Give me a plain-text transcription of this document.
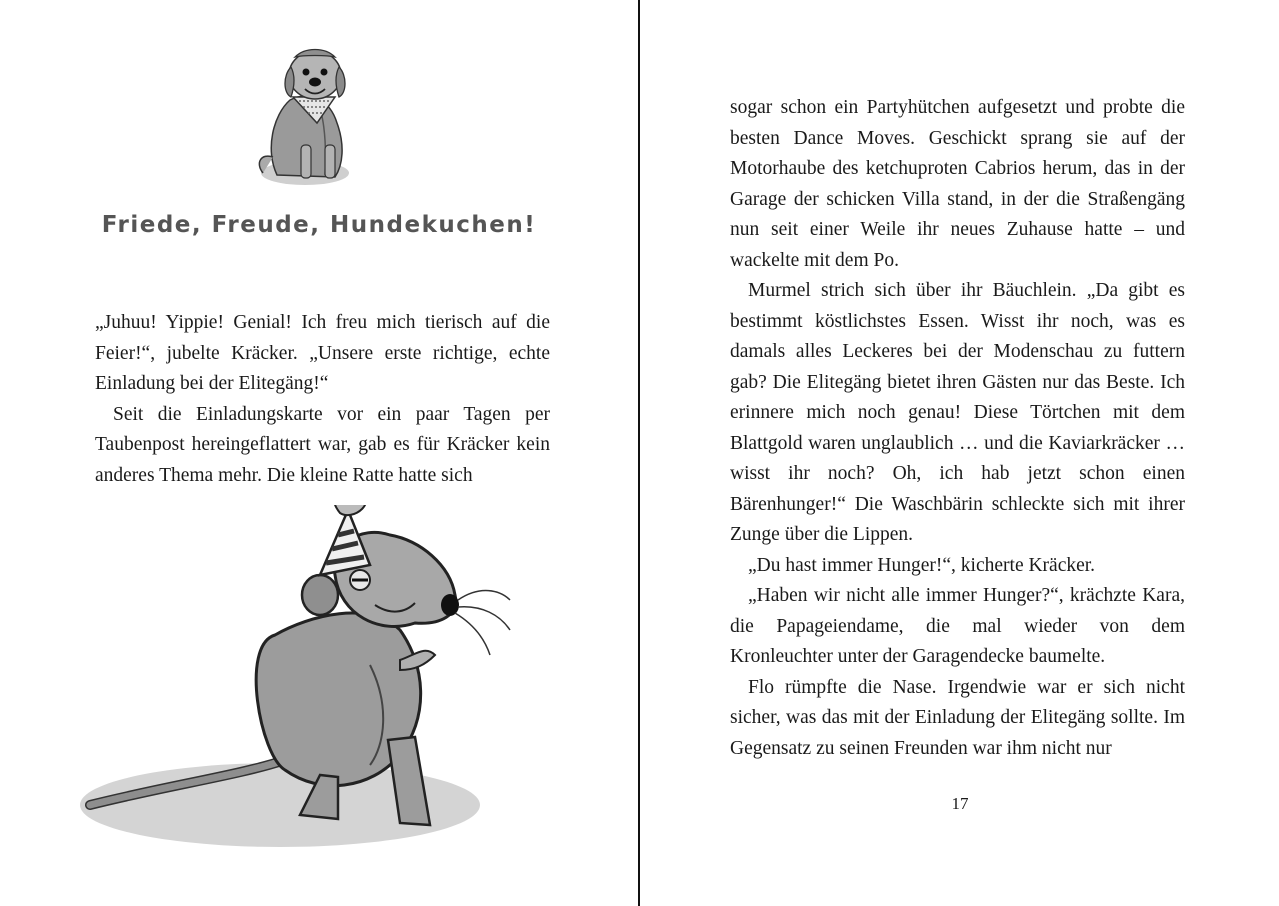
Friede, Freude, Hundekuchen!

„Juhuu! Yippie! Genial! Ich freu mich tierisch auf die Feier!“, jubelte Kräcker. „Unsere erste richtige, echte Einladung bei der Elitegäng!“

Seit die Einladungskarte vor ein paar Tagen per Taubenpost hereingeflattert war, gab es für Kräcker kein anderes Thema mehr. Die kleine Ratte hatte sich

sogar schon ein Partyhütchen aufgesetzt und probte die besten Dance Moves. Geschickt sprang sie auf der Motorhaube des ketchuproten Cabrios herum, das in der Garage der schicken Villa stand, in der die Straßengäng nun seit einer Weile ihr neues Zuhause hatte – und wackelte mit dem Po.

Murmel strich sich über ihr Bäuchlein. „Da gibt es bestimmt köstlichstes Essen. Wisst ihr noch, was es damals alles Leckeres bei der Modenschau zu futtern gab? Die Elitegäng bietet ihren Gästen nur das Beste. Ich erinnere mich noch genau! Diese Törtchen mit dem Blattgold waren unglaublich … und die Kaviarkräcker … wisst ihr noch? Oh, ich hab jetzt schon einen Bärenhunger!“ Die Waschbärin schleckte sich mit ihrer Zunge über die Lippen.

„Du hast immer Hunger!“, kicherte Kräcker.

„Haben wir nicht alle immer Hunger?“, krächzte Kara, die Papageiendame, die mal wieder von dem Kronleuchter unter der Garagendecke baumelte.

Flo rümpfte die Nase. Irgendwie war er sich nicht sicher, was das mit der Einladung der Elitegäng sollte. Im Gegensatz zu seinen Freunden war ihm nicht nur

17
